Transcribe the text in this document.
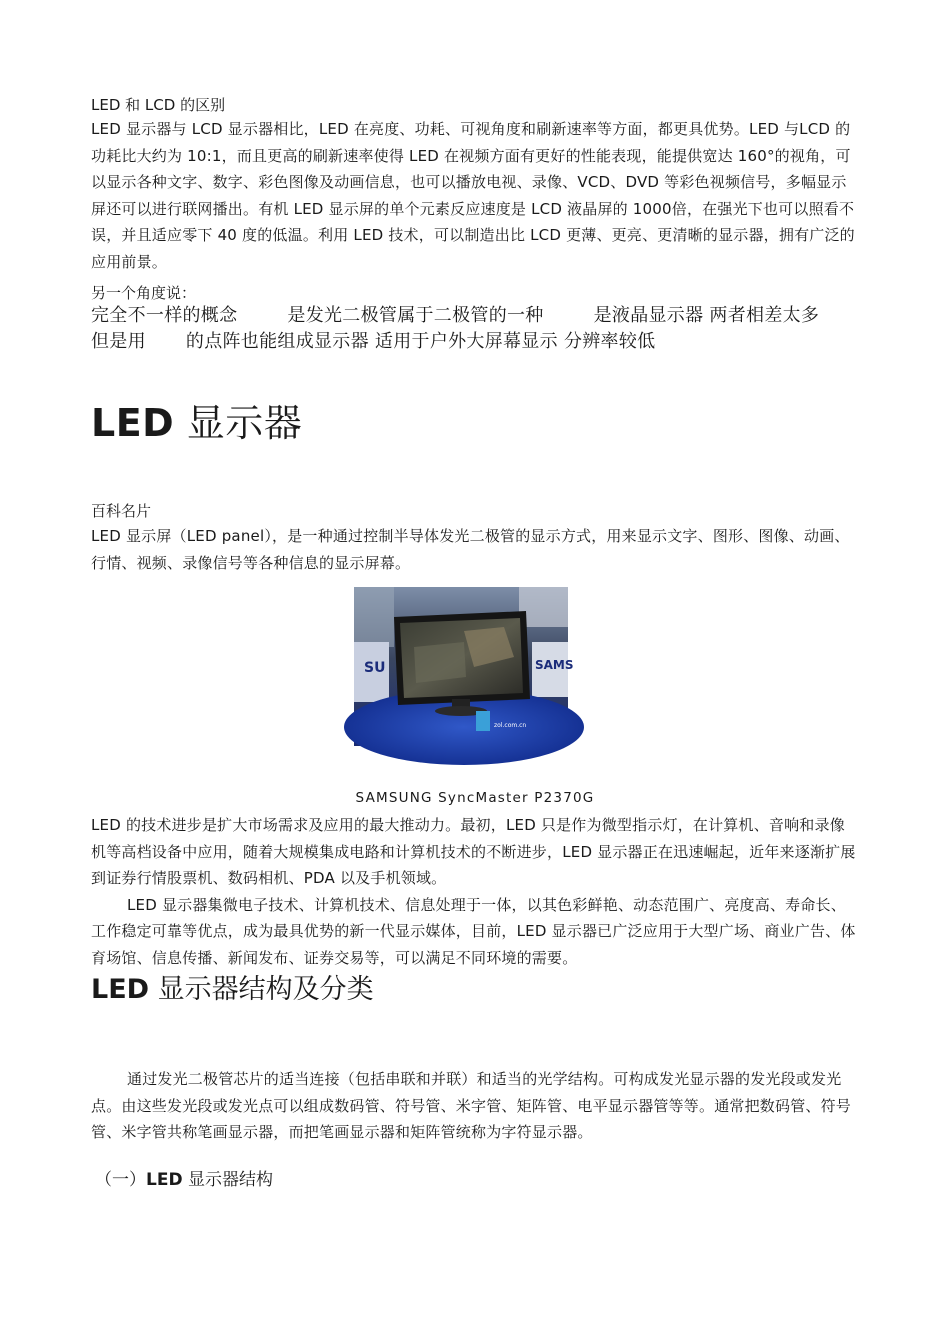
LED 和 LCD 的区别

LED 显示器与 LCD 显示器相比，LED 在亮度、功耗、可视角度和刷新速率等方面，都更具优势。LED 与LCD 的功耗比大约为 10:1，而且更高的刷新速率使得 LED 在视频方面有更好的性能表现，能提供宽达 160°的视角，可以显示各种文字、数字、彩色图像及动画信息，也可以播放电视、录像、VCD、DVD 等彩色视频信号，多幅显示屏还可以进行联网播出。有机 LED 显示屏的单个元素反应速度是 LCD 液晶屏的 1000倍，在强光下也可以照看不误，并且适应零下 40 度的低温。利用 LED 技术，可以制造出比 LCD 更薄、更亮、更清晰的显示器，拥有广泛的应用前景。

另一个角度说：

完全不一样的概念	是发光二极管属于二极管的一种	是液晶显示器 两者相差太多

但是用 的点阵也能组成显示器 适用于户外大屏幕显示 分辨率较低

LED 显示器

百科名片

LED 显示屏（LED panel），是一种通过控制半导体发光二极管的显示方式，用来显示文字、图形、图像、动画、行情、视频、录像信号等各种信息的显示屏幕。

SU	SAMS
zol.com.cn
SAMSUNG SyncMaster P2370G

LED 的技术进步是扩大市场需求及应用的最大推动力。最初，LED 只是作为微型指示灯，在计算机、音响和录像机等高档设备中应用，随着大规模集成电路和计算机技术的不断进步，LED 显示器正在迅速崛起，近年来逐渐扩展到证券行情股票机、数码相机、PDA 以及手机领域。

LED 显示器集微电子技术、计算机技术、信息处理于一体，以其色彩鲜艳、动态范围广、亮度高、寿命长、工作稳定可靠等优点，成为最具优势的新一代显示媒体，目前，LED 显示器已广泛应用于大型广场、商业广告、体育场馆、信息传播、新闻发布、证券交易等，可以满足不同环境的需要。

LED 显示器结构及分类

通过发光二极管芯片的适当连接（包括串联和并联）和适当的光学结构。可构成发光显示器的发光段或发光点。由这些发光段或发光点可以组成数码管、符号管、米字管、矩阵管、电平显示器管等等。通常把数码管、符号管、米字管共称笔画显示器，而把笔画显示器和矩阵管统称为字符显示器。

（一）LED 显示器结构
